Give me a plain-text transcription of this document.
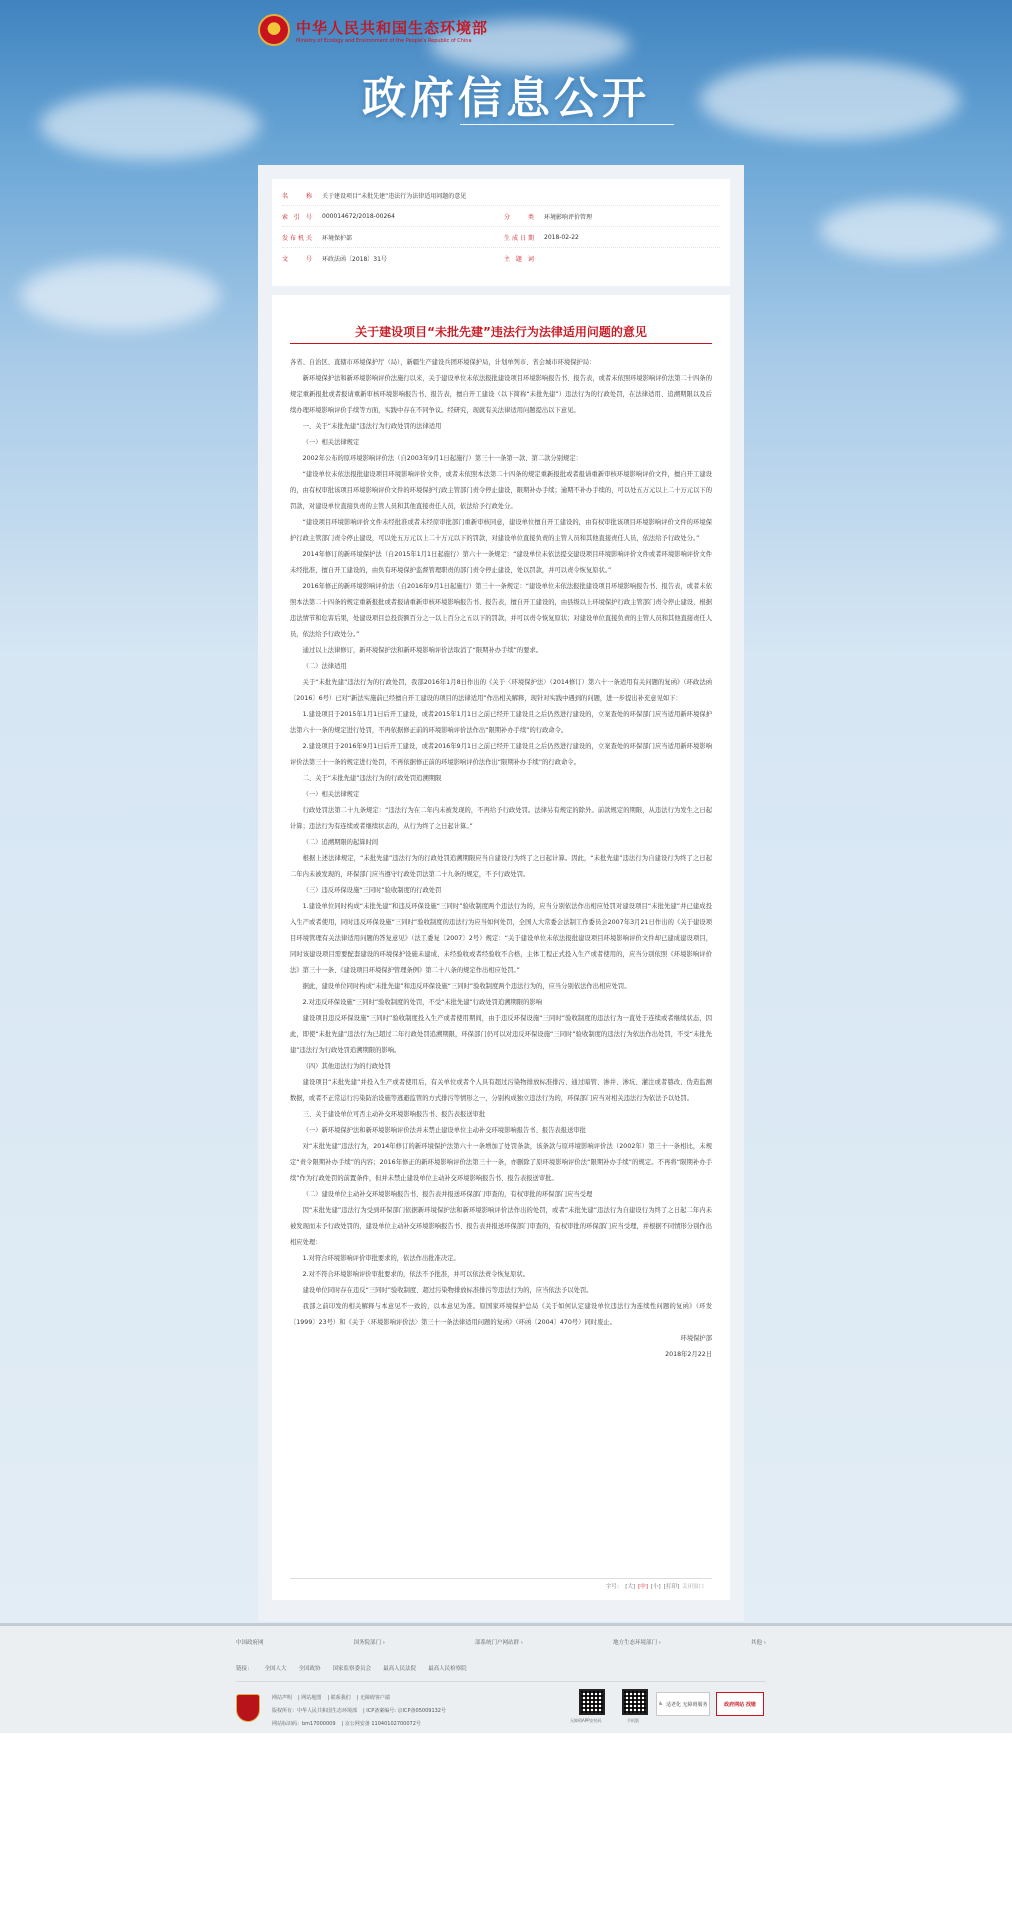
中华人民共和国生态环境部
Ministry of Ecology and Environment of the People's Republic of China
政府信息公开
名　　称	关于建设项目“未批先建”违法行为法律适用问题的意见
索 引 号	000014672/2018-00264	分　　类	环境影响评价管理
发布机关	环境保护部	生成日期	2018-02-22
文　　号	环政法函〔2018〕31号	主 题 词
关于建设项目“未批先建”违法行为法律适用问题的意见

各省、自治区、直辖市环境保护厅（局），新疆生产建设兵团环境保护局，计划单列市、省会城市环境保护局：

新环境保护法和新环境影响评价法施行以来，关于建设单位未依法报批建设项目环境影响报告书、报告表，或者未依照环境影响评价法第二十四条的规定重新报批或者报请重新审核环境影响报告书、报告表，擅自开工建设（以下简称“未批先建”）违法行为的行政处罚，在法律适用、追溯期限以及后续办理环境影响评价手续等方面，实践中存在不同争议。经研究，现就有关法律适用问题提出以下意见。

一、关于“未批先建”违法行为行政处罚的法律适用

（一）相关法律规定

2002年公布的原环境影响评价法（自2003年9月1日起施行）第三十一条第一款、第二款分别规定：

“建设单位未依法报批建设项目环境影响评价文件，或者未依照本法第二十四条的规定重新报批或者报请重新审核环境影响评价文件，擅自开工建设的，由有权审批该项目环境影响评价文件的环境保护行政主管部门责令停止建设，限期补办手续；逾期不补办手续的，可以处五万元以上二十万元以下的罚款，对建设单位直接负责的主管人员和其他直接责任人员，依法给予行政处分。

“建设项目环境影响评价文件未经批准或者未经原审批部门重新审核同意，建设单位擅自开工建设的，由有权审批该项目环境影响评价文件的环境保护行政主管部门责令停止建设，可以处五万元以上二十万元以下的罚款，对建设单位直接负责的主管人员和其他直接责任人员，依法给予行政处分。”

2014年修订的新环境保护法（自2015年1月1日起施行）第六十一条规定：“建设单位未依法提交建设项目环境影响评价文件或者环境影响评价文件未经批准，擅自开工建设的，由负有环境保护监督管理职责的部门责令停止建设，处以罚款，并可以责令恢复原状。”

2016年修正的新环境影响评价法（自2016年9月1日起施行）第三十一条规定：“建设单位未依法报批建设项目环境影响报告书、报告表，或者未依照本法第二十四条的规定重新报批或者报请重新审核环境影响报告书、报告表，擅自开工建设的，由县级以上环境保护行政主管部门责令停止建设，根据违法情节和危害后果，处建设项目总投资额百分之一以上百分之五以下的罚款，并可以责令恢复原状；对建设单位直接负责的主管人员和其他直接责任人员，依法给予行政处分。”

通过以上法律修订，新环境保护法和新环境影响评价法取消了“限期补办手续”的要求。

（二）法律适用

关于“未批先建”违法行为的行政处罚，我部2016年1月8日作出的《关于〈环境保护法〉（2014修订）第六十一条适用有关问题的复函》（环政法函〔2016〕6号）已对“新法实施前已经擅自开工建设的项目的法律适用”作出相关解释，现针对实践中遇到的问题，进一步提出补充意见如下：

1.建设项目于2015年1月1日后开工建设，或者2015年1月1日之前已经开工建设且之后仍然进行建设的，立案查处的环保部门应当适用新环境保护法第六十一条的规定进行处罚，不再依据修正前的环境影响评价法作出“限期补办手续”的行政命令。

2.建设项目于2016年9月1日后开工建设，或者2016年9月1日之前已经开工建设且之后仍然进行建设的，立案查处的环保部门应当适用新环境影响评价法第三十一条的规定进行处罚，不再依据修正前的环境影响评价法作出“限期补办手续”的行政命令。

二、关于“未批先建”违法行为的行政处罚追溯期限

（一）相关法律规定

行政处罚法第二十九条规定：“违法行为在二年内未被发现的，不再给予行政处罚。法律另有规定的除外。前款规定的期限，从违法行为发生之日起计算；违法行为有连续或者继续状态的，从行为终了之日起计算。”

（二）追溯期限的起算时间

根据上述法律规定，“未批先建”违法行为的行政处罚追溯期限应当自建设行为终了之日起计算。因此，“未批先建”违法行为自建设行为终了之日起二年内未被发现的，环保部门应当遵守行政处罚法第二十九条的规定，不予行政处罚。

（三）违反环保设施“三同时”验收制度的行政处罚

1.建设单位同时构成“未批先建”和违反环保设施“三同时”验收制度两个违法行为的，应当分别依法作出相应处罚对建设项目“未批先建”并已建成投入生产或者使用，同时违反环保设施“三同时”验收制度的违法行为应当如何处罚，全国人大常委会法制工作委员会2007年3月21日作出的《关于建设项目环境管理有关法律适用问题的答复意见》（法工委复〔2007〕2号）规定：“关于建设单位未依法报批建设项目环境影响评价文件却已建成建设项目，同时该建设项目需要配套建设的环境保护设施未建成、未经验收或者经验收不合格，主体工程正式投入生产或者使用的，应当分别依照《环境影响评价法》第三十一条、《建设项目环境保护管理条例》第二十八条的规定作出相应处罚。”

据此，建设单位同时构成“未批先建”和违反环保设施“三同时”验收制度两个违法行为的，应当分别依法作出相应处罚。

2.对违反环保设施“三同时”验收制度的处罚，不受“未批先建”行政处罚追溯期限的影响

建设项目违反环保设施“三同时”验收制度投入生产或者使用期间，由于违反环保设施“三同时”验收制度的违法行为一直处于连续或者继续状态，因此，即使“未批先建”违法行为已超过二年行政处罚追溯期限，环保部门仍可以对违反环保设施“三同时”验收制度的违法行为依法作出处罚，不受“未批先建”违法行为行政处罚追溯期限的影响。

（四）其他违法行为的行政处罚

建设项目“未批先建”并投入生产或者使用后，有关单位或者个人具有超过污染物排放标准排污、通过暗管、渗井、渗坑、灌注或者篡改、伪造监测数据，或者不正常运行污染防治设施等逃避监管的方式排污等情形之一，分别构成独立违法行为的，环保部门应当对相关违法行为依法予以处罚。

三、关于建设单位可否主动补交环境影响报告书、报告表报送审批

（一）新环境保护法和新环境影响评价法并未禁止建设单位主动补交环境影响报告书、报告表报送审批

对“未批先建”违法行为，2014年修订的新环境保护法第六十一条增加了处罚条款，该条款与原环境影响评价法（2002年）第三十一条相比，未规定“责令限期补办手续”的内容；2016年修正的新环境影响评价法第三十一条，亦删除了原环境影响评价法“限期补办手续”的规定。不再将“限期补办手续”作为行政处罚的前置条件，但并未禁止建设单位主动补交环境影响报告书、报告表报送审批。

（二）建设单位主动补交环境影响报告书、报告表并报送环保部门审查的，有权审批的环保部门应当受理

因“未批先建”违法行为受到环保部门依据新环境保护法和新环境影响评价法作出的处罚，或者“未批先建”违法行为自建设行为终了之日起二年内未被发现而未予行政处罚的，建设单位主动补交环境影响报告书、报告表并报送环保部门审查的，有权审批的环保部门应当受理，并根据不同情形分别作出相应处理：

1.对符合环境影响评价审批要求的，依法作出批准决定。

2.对不符合环境影响评价审批要求的，依法不予批准，并可以依法责令恢复原状。

建设单位同时存在违反“三同时”验收制度、超过污染物排放标准排污等违法行为的，应当依法予以处罚。

我部之前印发的相关解释与本意见不一致的，以本意见为准。原国家环境保护总局《关于如何认定建设单位违法行为连续性问题的复函》（环发〔1999〕23号）和《关于〈环境影响评价法〉第三十一条法律适用问题的复函》（环函〔2004〕470号）同时废止。

环境保护部

2018年2月22日

字号： [大] [中] [小] [打印] 关闭窗口
中国政府网	国务院部门 ›	部系统门户网站群 ›	地方生态环境部门 ›	其他 ›
链接： 全国人大 全国政协 国家监察委员会 最高人民法院 最高人民检察院
网站声明 | 网站地图 | 联系我们 | 无障碍客户端
版权所有：中华人民共和国生态环境部 | ICP备案编号: 京ICP备05009132号
网站标识码：bm17000009 | 京公网安备 11040102700072号
无障碍APP安装码	手机版
♿ 适老化 无障碍服务	政府网站 找错
